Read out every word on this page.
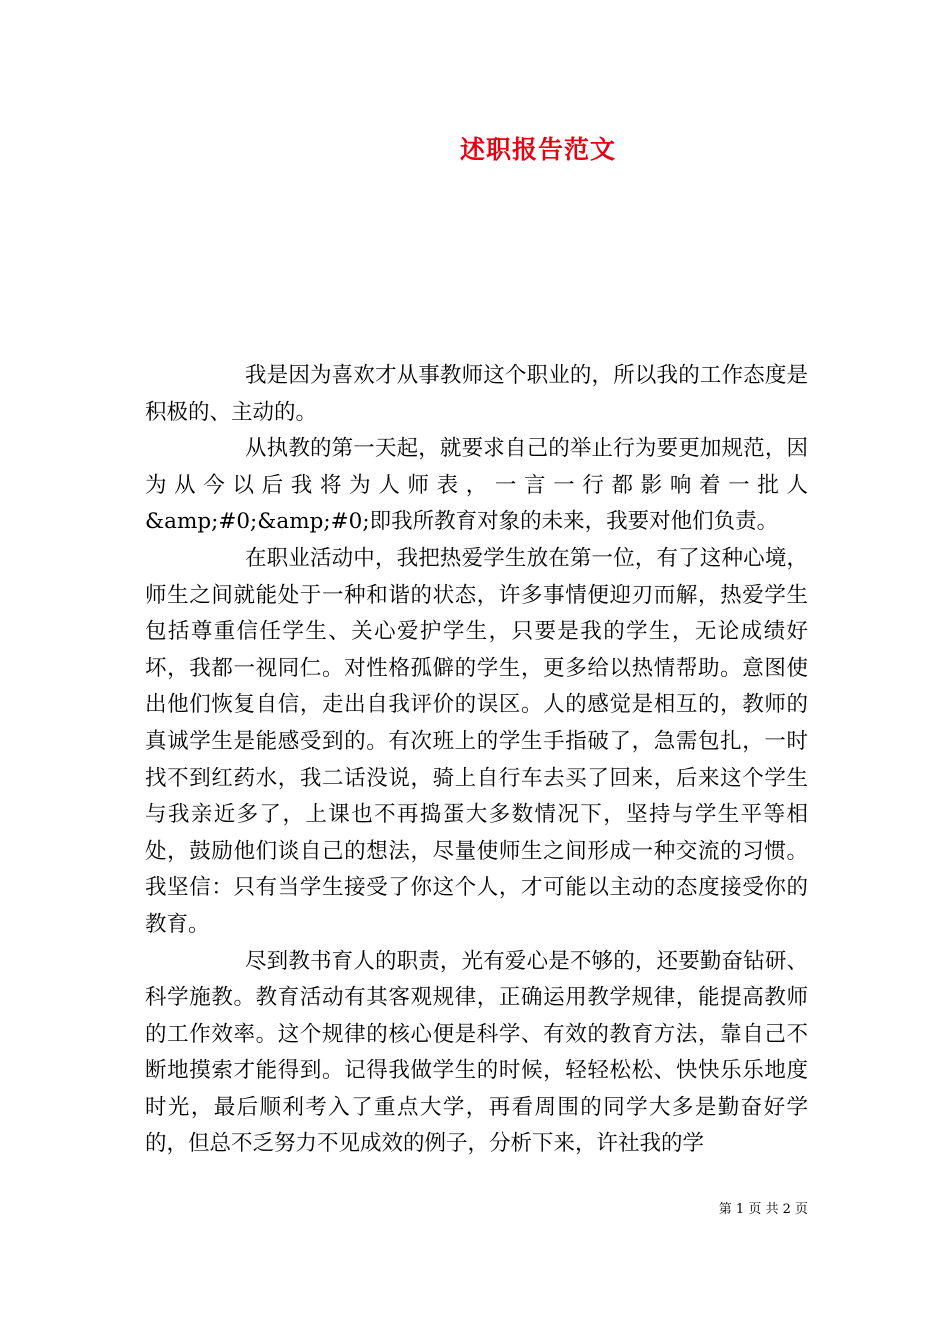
述职报告范文

我是因为喜欢才从事教师这个职业的，所以我的工作态度是积极的、主动的。

从执教的第一天起，就要求自己的举止行为要更加规范，因为从今以后我将为人师表，一言一行都影响着一批人&amp;#0;&amp;#0;即我所教育对象的未来，我要对他们负责。

在职业活动中，我把热爱学生放在第一位，有了这种心境，师生之间就能处于一种和谐的状态，许多事情便迎刃而解，热爱学生包括尊重信任学生、关心爱护学生，只要是我的学生，无论成绩好坏，我都一视同仁。对性格孤僻的学生，更多给以热情帮助。意图使出他们恢复自信，走出自我评价的误区。人的感觉是相互的，教师的真诚学生是能感受到的。有次班上的学生手指破了，急需包扎，一时找不到红药水，我二话没说，骑上自行车去买了回来，后来这个学生与我亲近多了，上课也不再捣蛋大多数情况下，坚持与学生平等相处，鼓励他们谈自己的想法，尽量使师生之间形成一种交流的习惯。我坚信：只有当学生接受了你这个人，才可能以主动的态度接受你的教育。

尽到教书育人的职责，光有爱心是不够的，还要勤奋钻研、科学施教。教育活动有其客观规律，正确运用教学规律，能提高教师的工作效率。这个规律的核心便是科学、有效的教育方法，靠自己不断地摸索才能得到。记得我做学生的时候，轻轻松松、快快乐乐地度时光，最后顺利考入了重点大学，再看周围的同学大多是勤奋好学的，但总不乏努力不见成效的例子，分析下来，许社我的学

第 1 页 共 2 页
